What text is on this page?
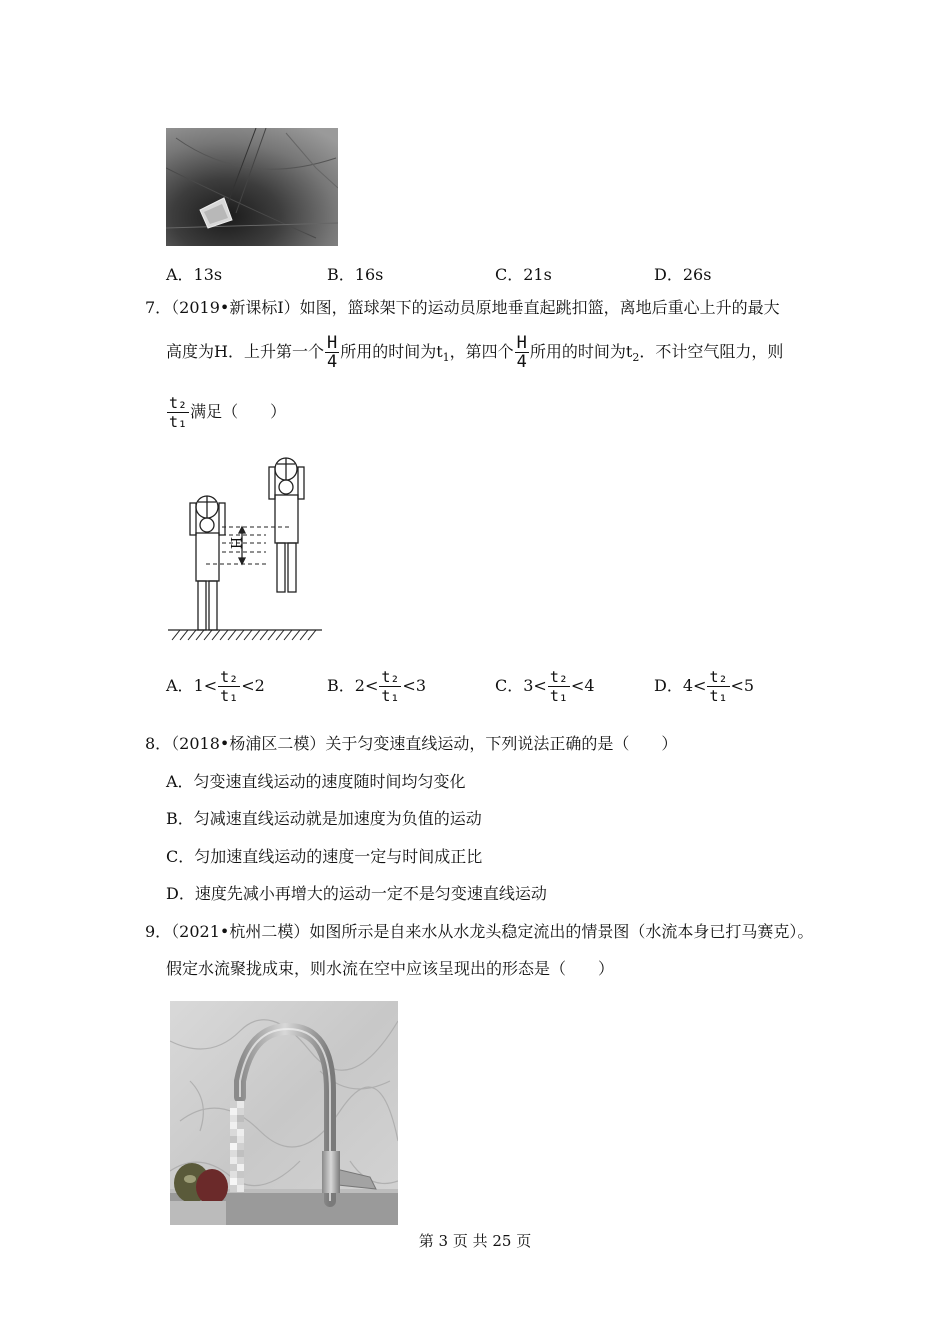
A．13s	B．16s	C．21s	D．26s
7．（2019•新课标Ⅰ）如图，篮球架下的运动员原地垂直起跳扣篮，离地后重心上升的最大
高度为H．上升第一个 $\frac{H}{4}$ 所用的时间为$t_1$，第四个 $\frac{H}{4}$ 所用的时间为$t_2$．不计空气阻力，则
$\frac{\text{t₂}}{\text{t₁}}$ 满足（　　）
H
A．$1< \frac{\text{t₂}}{\text{t₁}} <2$	B．$2< \frac{\text{t₂}}{\text{t₁}} <3$	C．$3< \frac{\text{t₂}}{\text{t₁}} <4$	D．$4< \frac{\text{t₂}}{\text{t₁}} <5$
8．（2018•杨浦区二模）关于匀变速直线运动，下列说法正确的是（　　）
A．匀变速直线运动的速度随时间均匀变化
B．匀减速直线运动就是加速度为负值的运动
C．匀加速直线运动的速度一定与时间成正比
D．速度先减小再增大的运动一定不是匀变速直线运动
9．（2021•杭州二模）如图所示是自来水从水龙头稳定流出的情景图（水流本身已打马赛克）。
假定水流聚拢成束，则水流在空中应该呈现出的形态是（　　）
第 3 页 共 25 页
